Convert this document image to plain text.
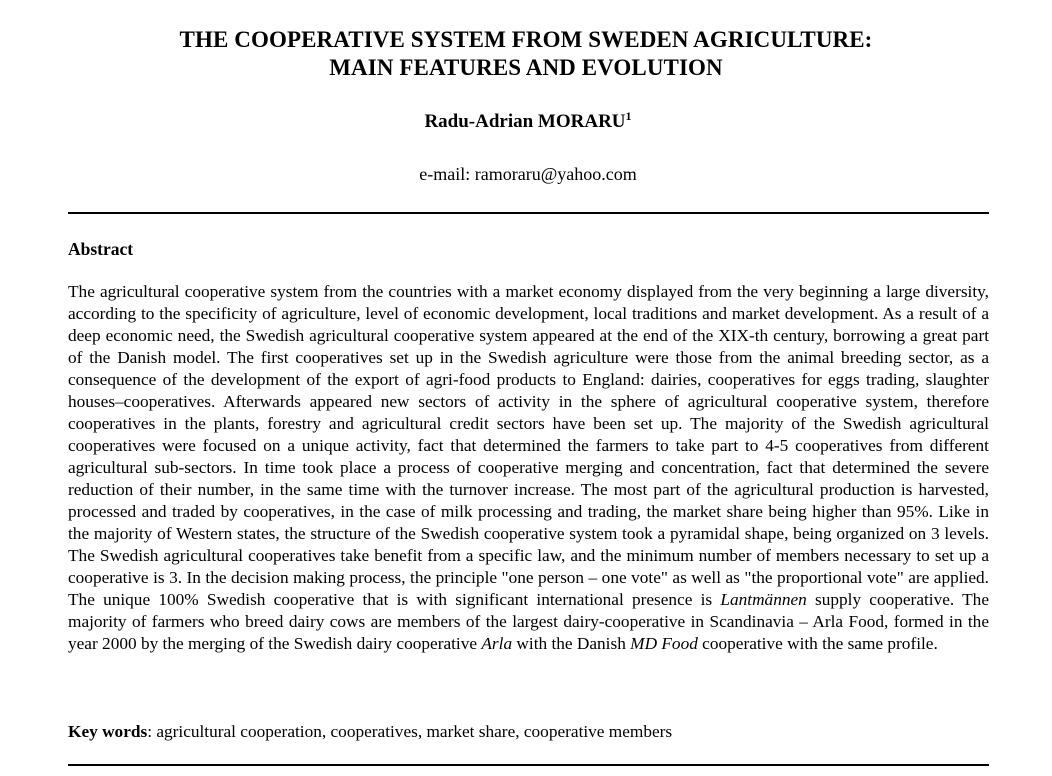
THE COOPERATIVE SYSTEM FROM SWEDEN AGRICULTURE:
MAIN FEATURES AND EVOLUTION
Radu-Adrian MORARU$^1$
e-mail: ramoraru@yahoo.com
Abstract

The agricultural cooperative system from the countries with a market economy displayed from the very beginning a large diversity, according to the specificity of agriculture, level of economic development, local traditions and market development. As a result of a deep economic need, the Swedish agricultural cooperative system appeared at the end of the XIX-th century, borrowing a great part of the Danish model. The first cooperatives set up in the Swedish agriculture were those from the animal breeding sector, as a consequence of the development of the export of agri-food products to England: dairies, cooperatives for eggs trading, slaughter houses–cooperatives. Afterwards appeared new sectors of activity in the sphere of agricultural cooperative system, therefore cooperatives in the plants, forestry and agricultural credit sectors have been set up. The majority of the Swedish agricultural cooperatives were focused on a unique activity, fact that determined the farmers to take part to 4-5 cooperatives from different agricultural sub-sectors. In time took place a process of cooperative merging and concentration, fact that determined the severe reduction of their number, in the same time with the turnover increase. The most part of the agricultural production is harvested, processed and traded by cooperatives, in the case of milk processing and trading, the market share being higher than 95%. Like in the majority of Western states, the structure of the Swedish cooperative system took a pyramidal shape, being organized on 3 levels. The Swedish agricultural cooperatives take benefit from a specific law, and the minimum number of members necessary to set up a cooperative is 3. In the decision making process, the principle "one person – one vote" as well as "the proportional vote" are applied. The unique 100% Swedish cooperative that is with significant international presence is Lantmännen supply cooperative. The majority of farmers who breed dairy cows are members of the largest dairy-cooperative in Scandinavia – Arla Food, formed in the year 2000 by the merging of the Swedish dairy cooperative Arla with the Danish MD Food cooperative with the same profile.

Key words: agricultural cooperation, cooperatives, market share, cooperative members
